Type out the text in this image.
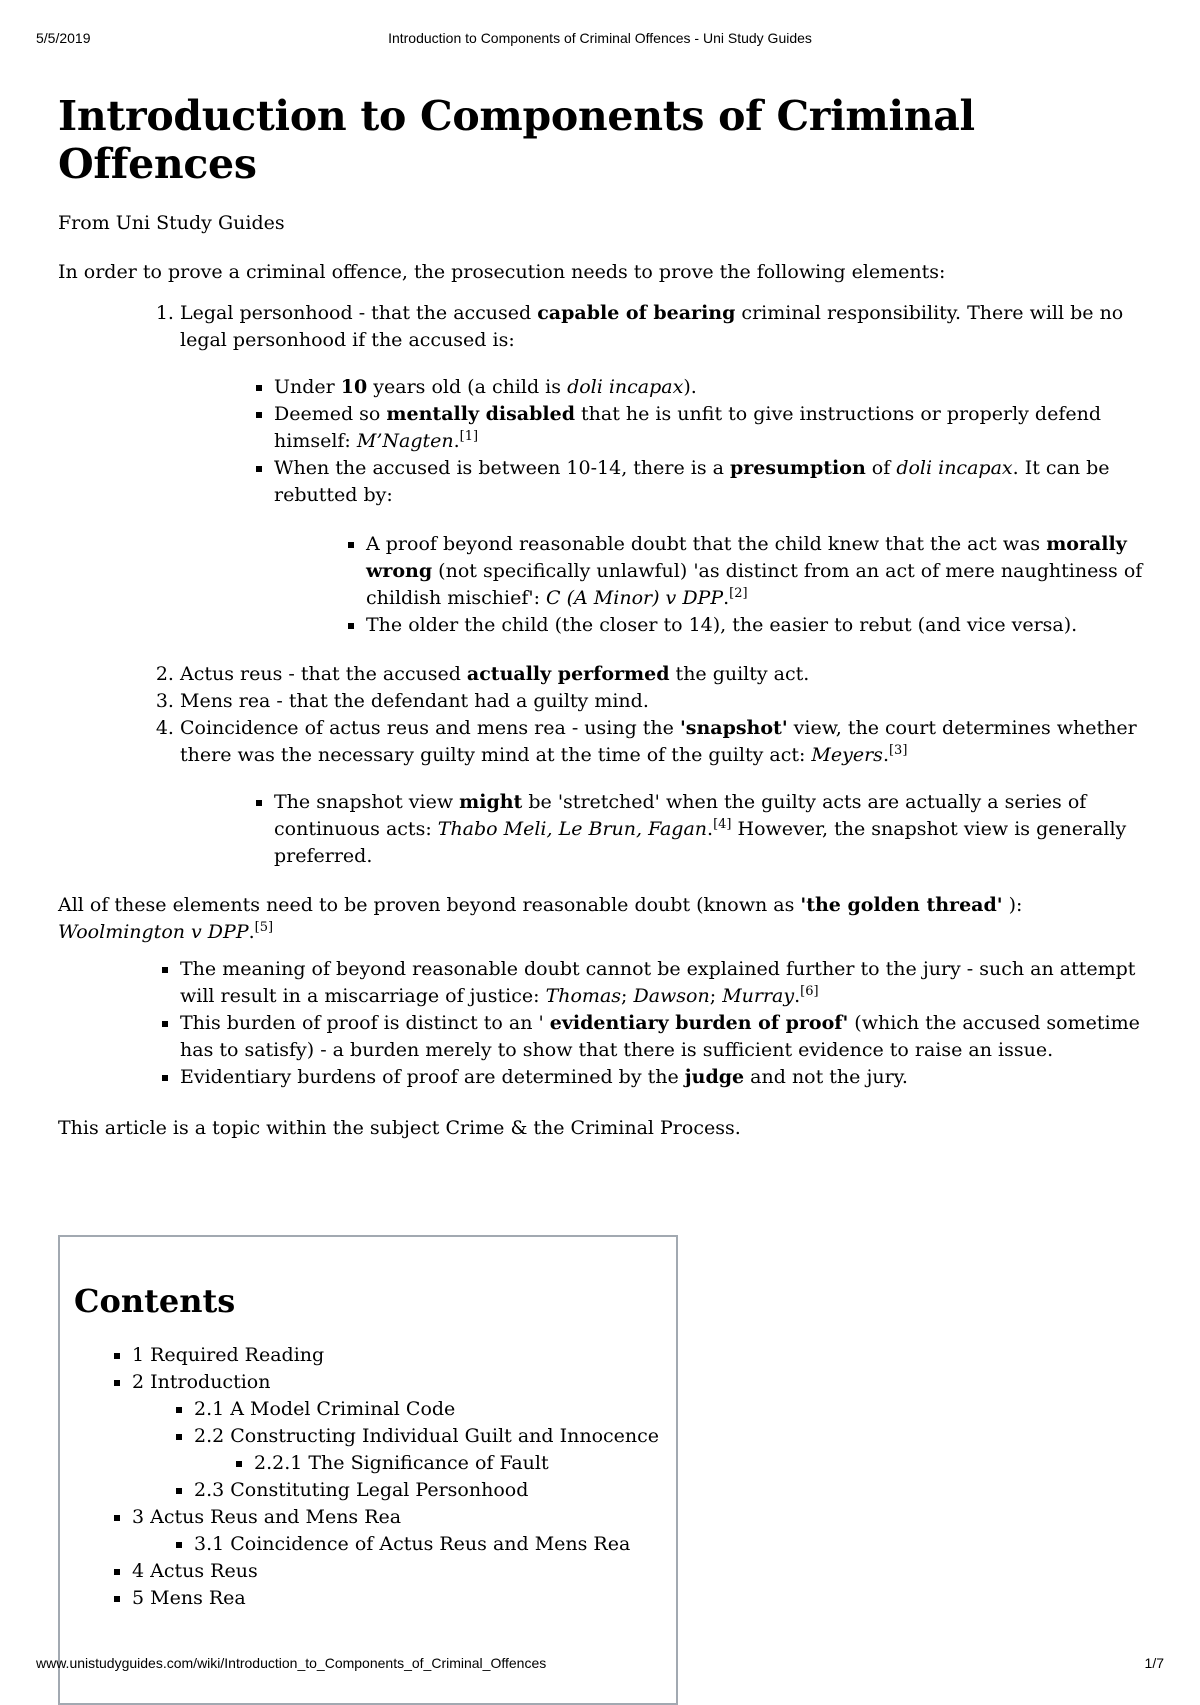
5/5/2019	Introduction to Components of Criminal Offences - Uni Study Guides
Introduction to Components of Criminal Offences
From Uni Study Guides
In order to prove a criminal offence, the prosecution needs to prove the following elements:
1. Legal personhood - that the accused capable of bearing criminal responsibility. There will be no legal personhood if the accused is:
▪ Under 10 years old (a child is doli incapax).
▪ Deemed so mentally disabled that he is unfit to give instructions or properly defend himself: M’Nagten.[1]
▪ When the accused is between 10-14, there is a presumption of doli incapax. It can be rebutted by:
▪ A proof beyond reasonable doubt that the child knew that the act was morally wrong (not specifically unlawful) 'as distinct from an act of mere naughtiness of childish mischief': C (A Minor) v DPP.[2]
▪ The older the child (the closer to 14), the easier to rebut (and vice versa).
2. Actus reus - that the accused actually performed the guilty act.
3. Mens rea - that the defendant had a guilty mind.
4. Coincidence of actus reus and mens rea - using the 'snapshot' view, the court determines whether there was the necessary guilty mind at the time of the guilty act: Meyers.[3]
▪ The snapshot view might be 'stretched' when the guilty acts are actually a series of continuous acts: Thabo Meli, Le Brun, Fagan.[4] However, the snapshot view is generally preferred.
All of these elements need to be proven beyond reasonable doubt (known as 'the golden thread' ): Woolmington v DPP.[5]
▪ The meaning of beyond reasonable doubt cannot be explained further to the jury - such an attempt will result in a miscarriage of justice: Thomas; Dawson; Murray.[6]
▪ This burden of proof is distinct to an ' evidentiary burden of proof' (which the accused sometime has to satisfy) - a burden merely to show that there is sufficient evidence to raise an issue.
▪ Evidentiary burdens of proof are determined by the judge and not the jury.
This article is a topic within the subject Crime & the Criminal Process.
Contents
▪ 1 Required Reading
▪ 2 Introduction
▪ 2.1 A Model Criminal Code
▪ 2.2 Constructing Individual Guilt and Innocence
▪ 2.2.1 The Significance of Fault
▪ 2.3 Constituting Legal Personhood
▪ 3 Actus Reus and Mens Rea
▪ 3.1 Coincidence of Actus Reus and Mens Rea
▪ 4 Actus Reus
▪ 5 Mens Rea
www.unistudyguides.com/wiki/Introduction_to_Components_of_Criminal_Offences	1/7
